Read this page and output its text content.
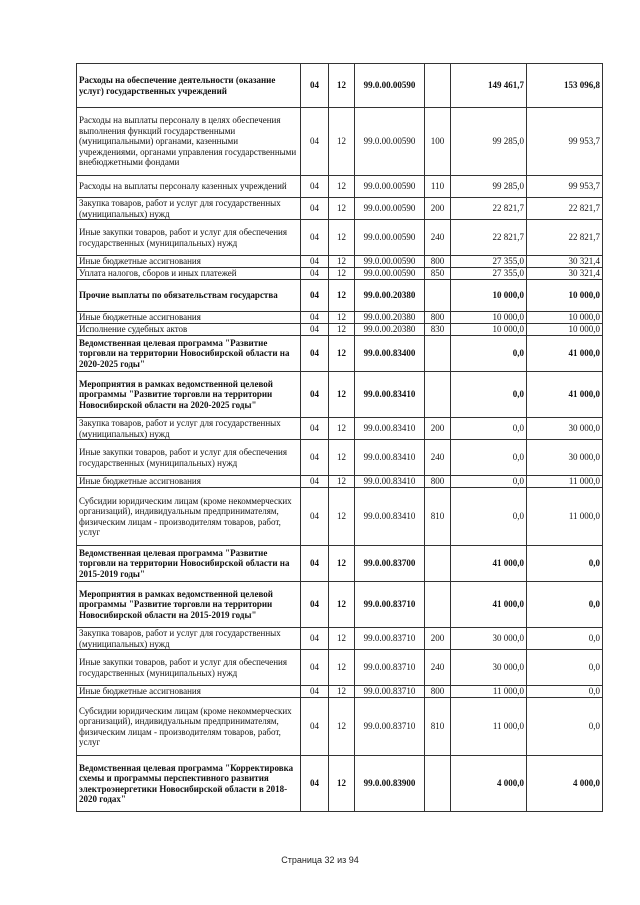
Расходы на обеспечение деятельности (оказание услуг) государственных учреждений	04	12	99.0.00.00590		149 461,7	153 096,8
Расходы на выплаты персоналу в целях обеспечения выполнения функций государственными (муниципальными) органами, казенными учреждениями, органами управления государственными внебюджетными фондами	04	12	99.0.00.00590	100	99 285,0	99 953,7
Расходы на выплаты персоналу казенных учреждений	04	12	99.0.00.00590	110	99 285,0	99 953,7
Закупка товаров, работ и услуг для государственных (муниципальных) нужд	04	12	99.0.00.00590	200	22 821,7	22 821,7
Иные закупки товаров, работ и услуг для обеспечения государственных (муниципальных) нужд	04	12	99.0.00.00590	240	22 821,7	22 821,7
Иные бюджетные ассигнования	04	12	99.0.00.00590	800	27 355,0	30 321,4
Уплата налогов, сборов и иных платежей	04	12	99.0.00.00590	850	27 355,0	30 321,4
Прочие выплаты по обязательствам государства	04	12	99.0.00.20380		10 000,0	10 000,0
Иные бюджетные ассигнования	04	12	99.0.00.20380	800	10 000,0	10 000,0
Исполнение судебных актов	04	12	99.0.00.20380	830	10 000,0	10 000,0
Ведомственная целевая программа "Развитие торговли на территории Новосибирской области на 2020-2025 годы"	04	12	99.0.00.83400		0,0	41 000,0
Мероприятия в рамках ведомственной целевой программы "Развитие торговли на территории Новосибирской области на 2020-2025 годы"	04	12	99.0.00.83410		0,0	41 000,0
Закупка товаров, работ и услуг для государственных (муниципальных) нужд	04	12	99.0.00.83410	200	0,0	30 000,0
Иные закупки товаров, работ и услуг для обеспечения государственных (муниципальных) нужд	04	12	99.0.00.83410	240	0,0	30 000,0
Иные бюджетные ассигнования	04	12	99.0.00.83410	800	0,0	11 000,0
Субсидии юридическим лицам (кроме некоммерческих организаций), индивидуальным предпринимателям, физическим лицам - производителям товаров, работ, услуг	04	12	99.0.00.83410	810	0,0	11 000,0
Ведомственная целевая программа "Развитие торговли на территории Новосибирской области на 2015-2019 годы"	04	12	99.0.00.83700		41 000,0	0,0
Мероприятия в рамках ведомственной целевой программы "Развитие торговли на территории Новосибирской области на 2015-2019 годы"	04	12	99.0.00.83710		41 000,0	0,0
Закупка товаров, работ и услуг для государственных (муниципальных) нужд	04	12	99.0.00.83710	200	30 000,0	0,0
Иные закупки товаров, работ и услуг для обеспечения государственных (муниципальных) нужд	04	12	99.0.00.83710	240	30 000,0	0,0
Иные бюджетные ассигнования	04	12	99.0.00.83710	800	11 000,0	0,0
Субсидии юридическим лицам (кроме некоммерческих организаций), индивидуальным предпринимателям, физическим лицам - производителям товаров, работ, услуг	04	12	99.0.00.83710	810	11 000,0	0,0
Ведомственная целевая программа "Корректировка схемы и программы перспективного развития электроэнергетики Новосибирской области в 2018-2020 годах"	04	12	99.0.00.83900		4 000,0	4 000,0
Страница 32 из 94
